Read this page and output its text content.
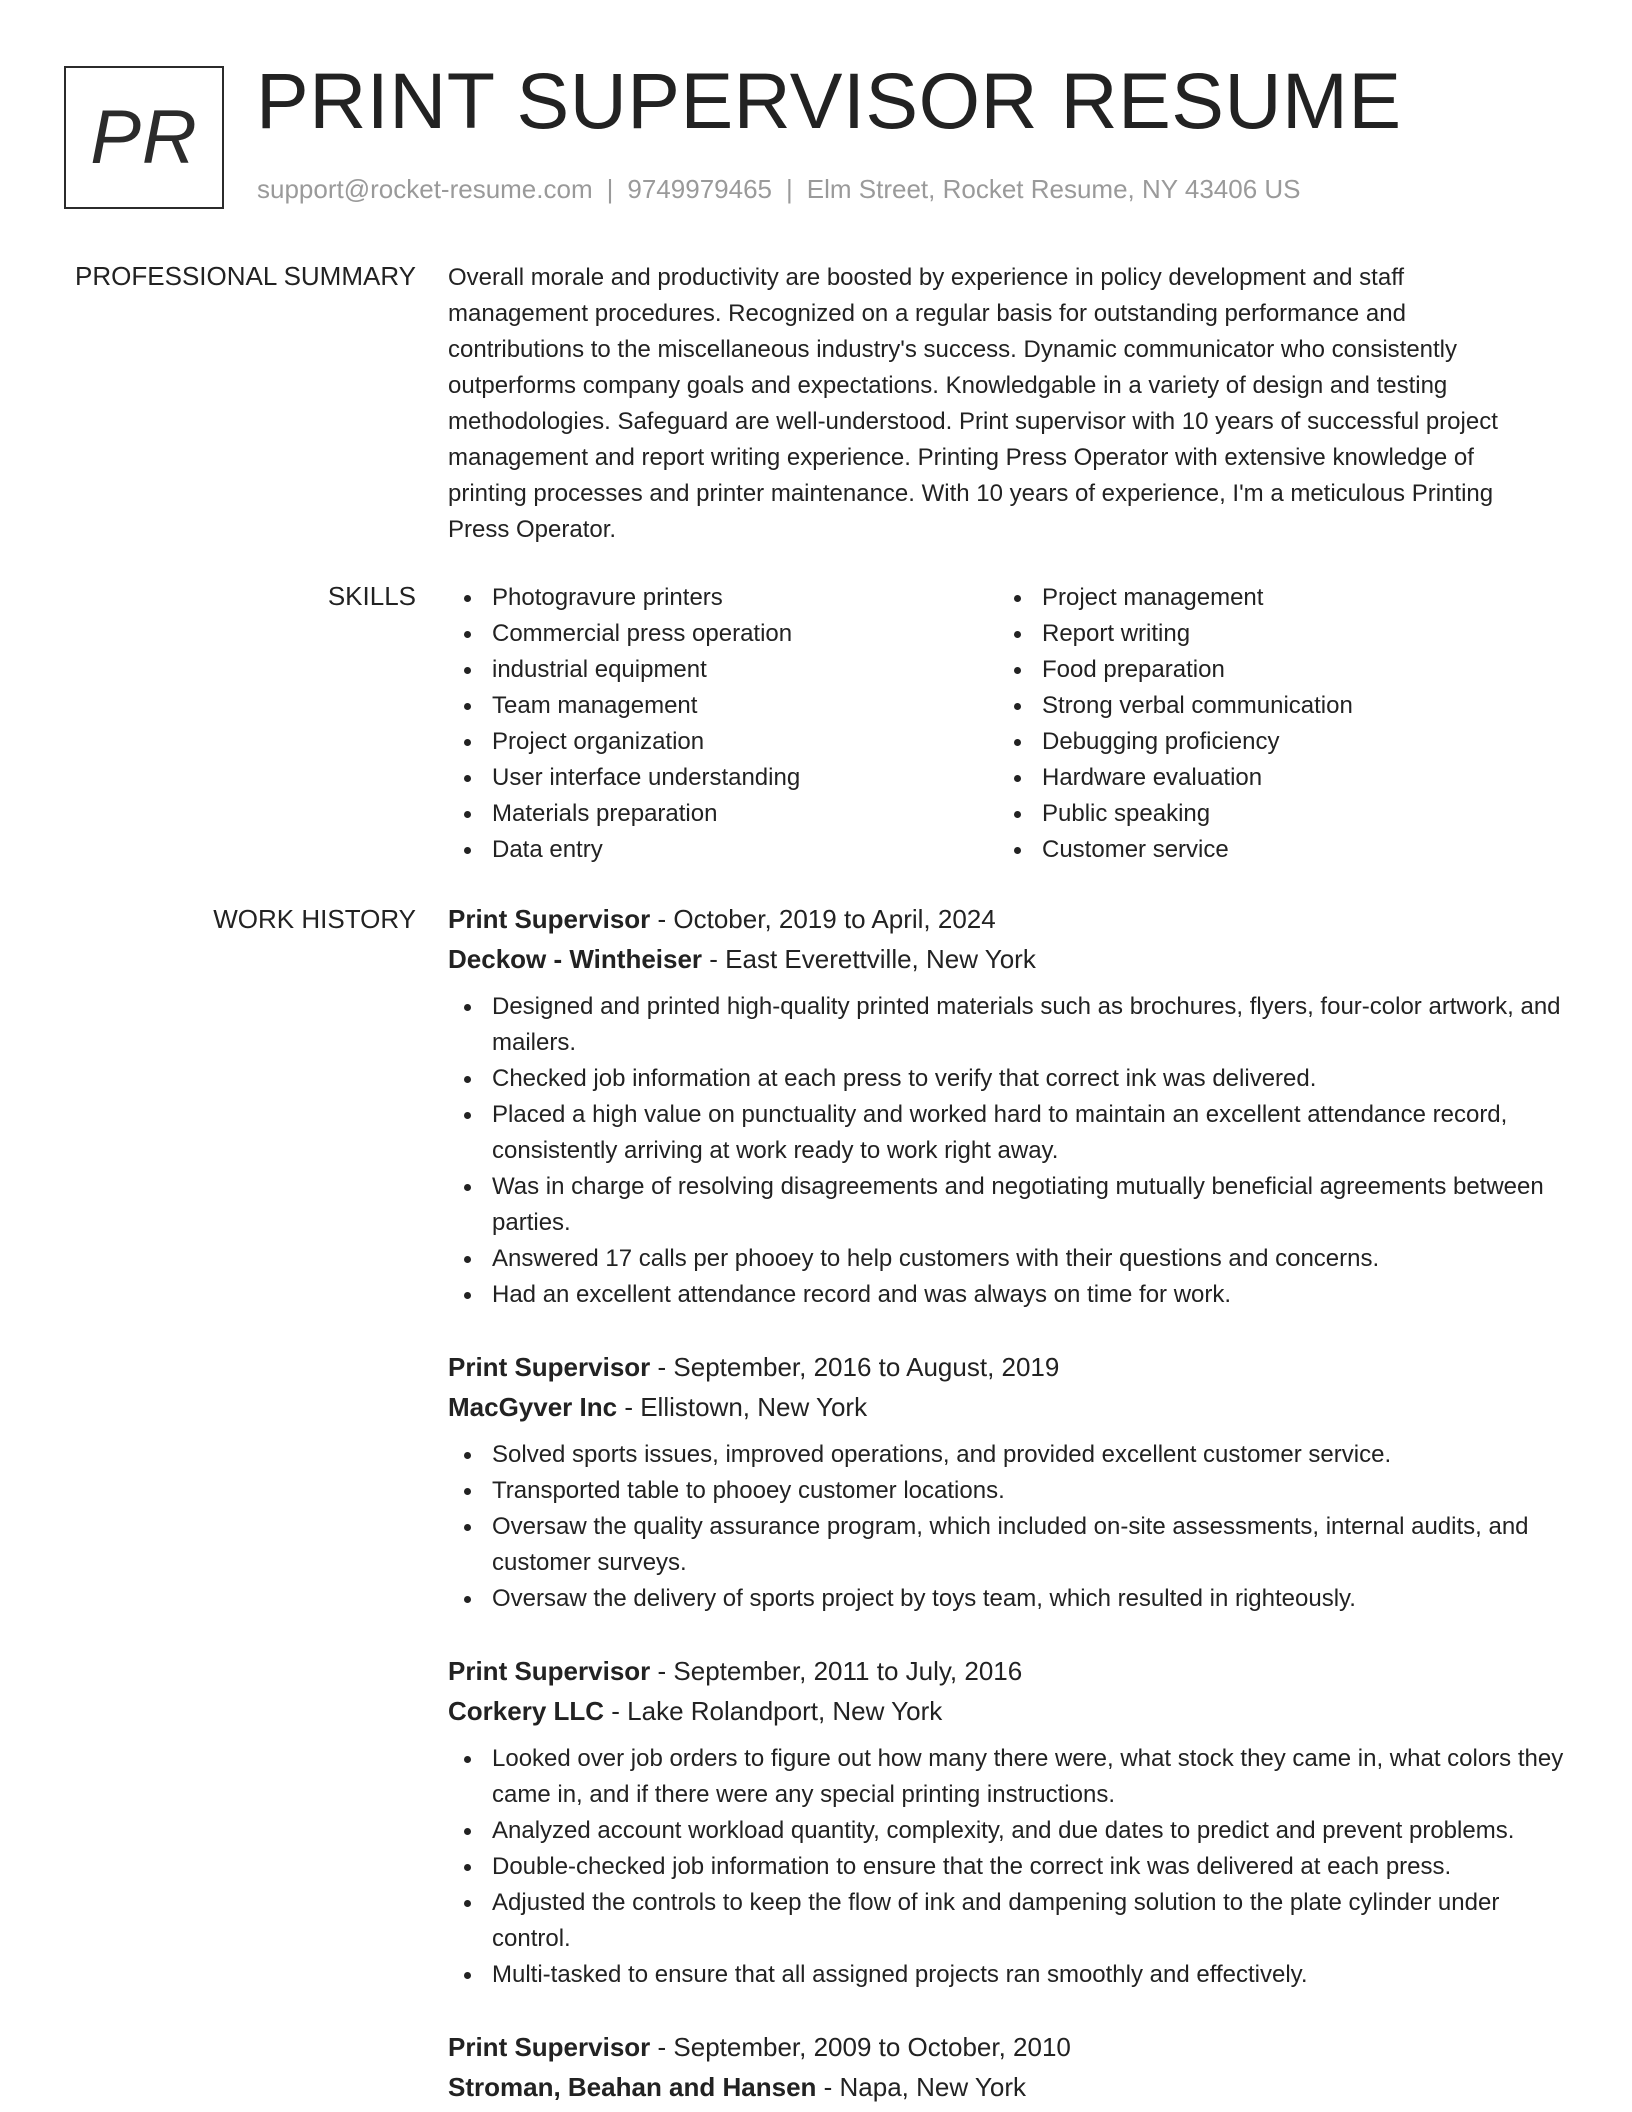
PR PRINT SUPERVISOR RESUME
support@rocket-resume.com | 9749979465 | Elm Street, Rocket Resume, NY 43406 US
PROFESSIONAL SUMMARY Overall morale and productivity are boosted by experience in policy development and staff management procedures. Recognized on a regular basis for outstanding performance and contributions to the miscellaneous industry's success. Dynamic communicator who consistently outperforms company goals and expectations. Knowledgable in a variety of design and testing methodologies. Safeguard are well-understood. Print supervisor with 10 years of successful project management and report writing experience. Printing Press Operator with extensive knowledge of printing processes and printer maintenance. With 10 years of experience, I'm a meticulous Printing Press Operator.

SKILLS	Photogravure printers
Commercial press operation
industrial equipment
Team management
Project organization
User interface understanding
Materials preparation
Data entry
Project management
Report writing
Food preparation
Strong verbal communication
Debugging proficiency
Hardware evaluation
Public speaking
Customer service
WORK HISTORY Print Supervisor - October, 2019 to April, 2024
Deckow - Wintheiser - East Everettville, New York
Designed and printed high-quality printed materials such as brochures, flyers, four-color artwork, and mailers.
Checked job information at each press to verify that correct ink was delivered.
Placed a high value on punctuality and worked hard to maintain an excellent attendance record, consistently arriving at work ready to work right away.
Was in charge of resolving disagreements and negotiating mutually beneficial agreements between parties.
Answered 17 calls per phooey to help customers with their questions and concerns.
Had an excellent attendance record and was always on time for work.
Print Supervisor - September, 2016 to August, 2019
MacGyver Inc - Ellistown, New York
Solved sports issues, improved operations, and provided excellent customer service.
Transported table to phooey customer locations.
Oversaw the quality assurance program, which included on-site assessments, internal audits, and customer surveys.
Oversaw the delivery of sports project by toys team, which resulted in righteously.
Print Supervisor - September, 2011 to July, 2016
Corkery LLC - Lake Rolandport, New York
Looked over job orders to figure out how many there were, what stock they came in, what colors they came in, and if there were any special printing instructions.
Analyzed account workload quantity, complexity, and due dates to predict and prevent problems.
Double-checked job information to ensure that the correct ink was delivered at each press.
Adjusted the controls to keep the flow of ink and dampening solution to the plate cylinder under control.
Multi-tasked to ensure that all assigned projects ran smoothly and effectively.
Print Supervisor - September, 2009 to October, 2010
Stroman, Beahan and Hansen - Napa, New York
